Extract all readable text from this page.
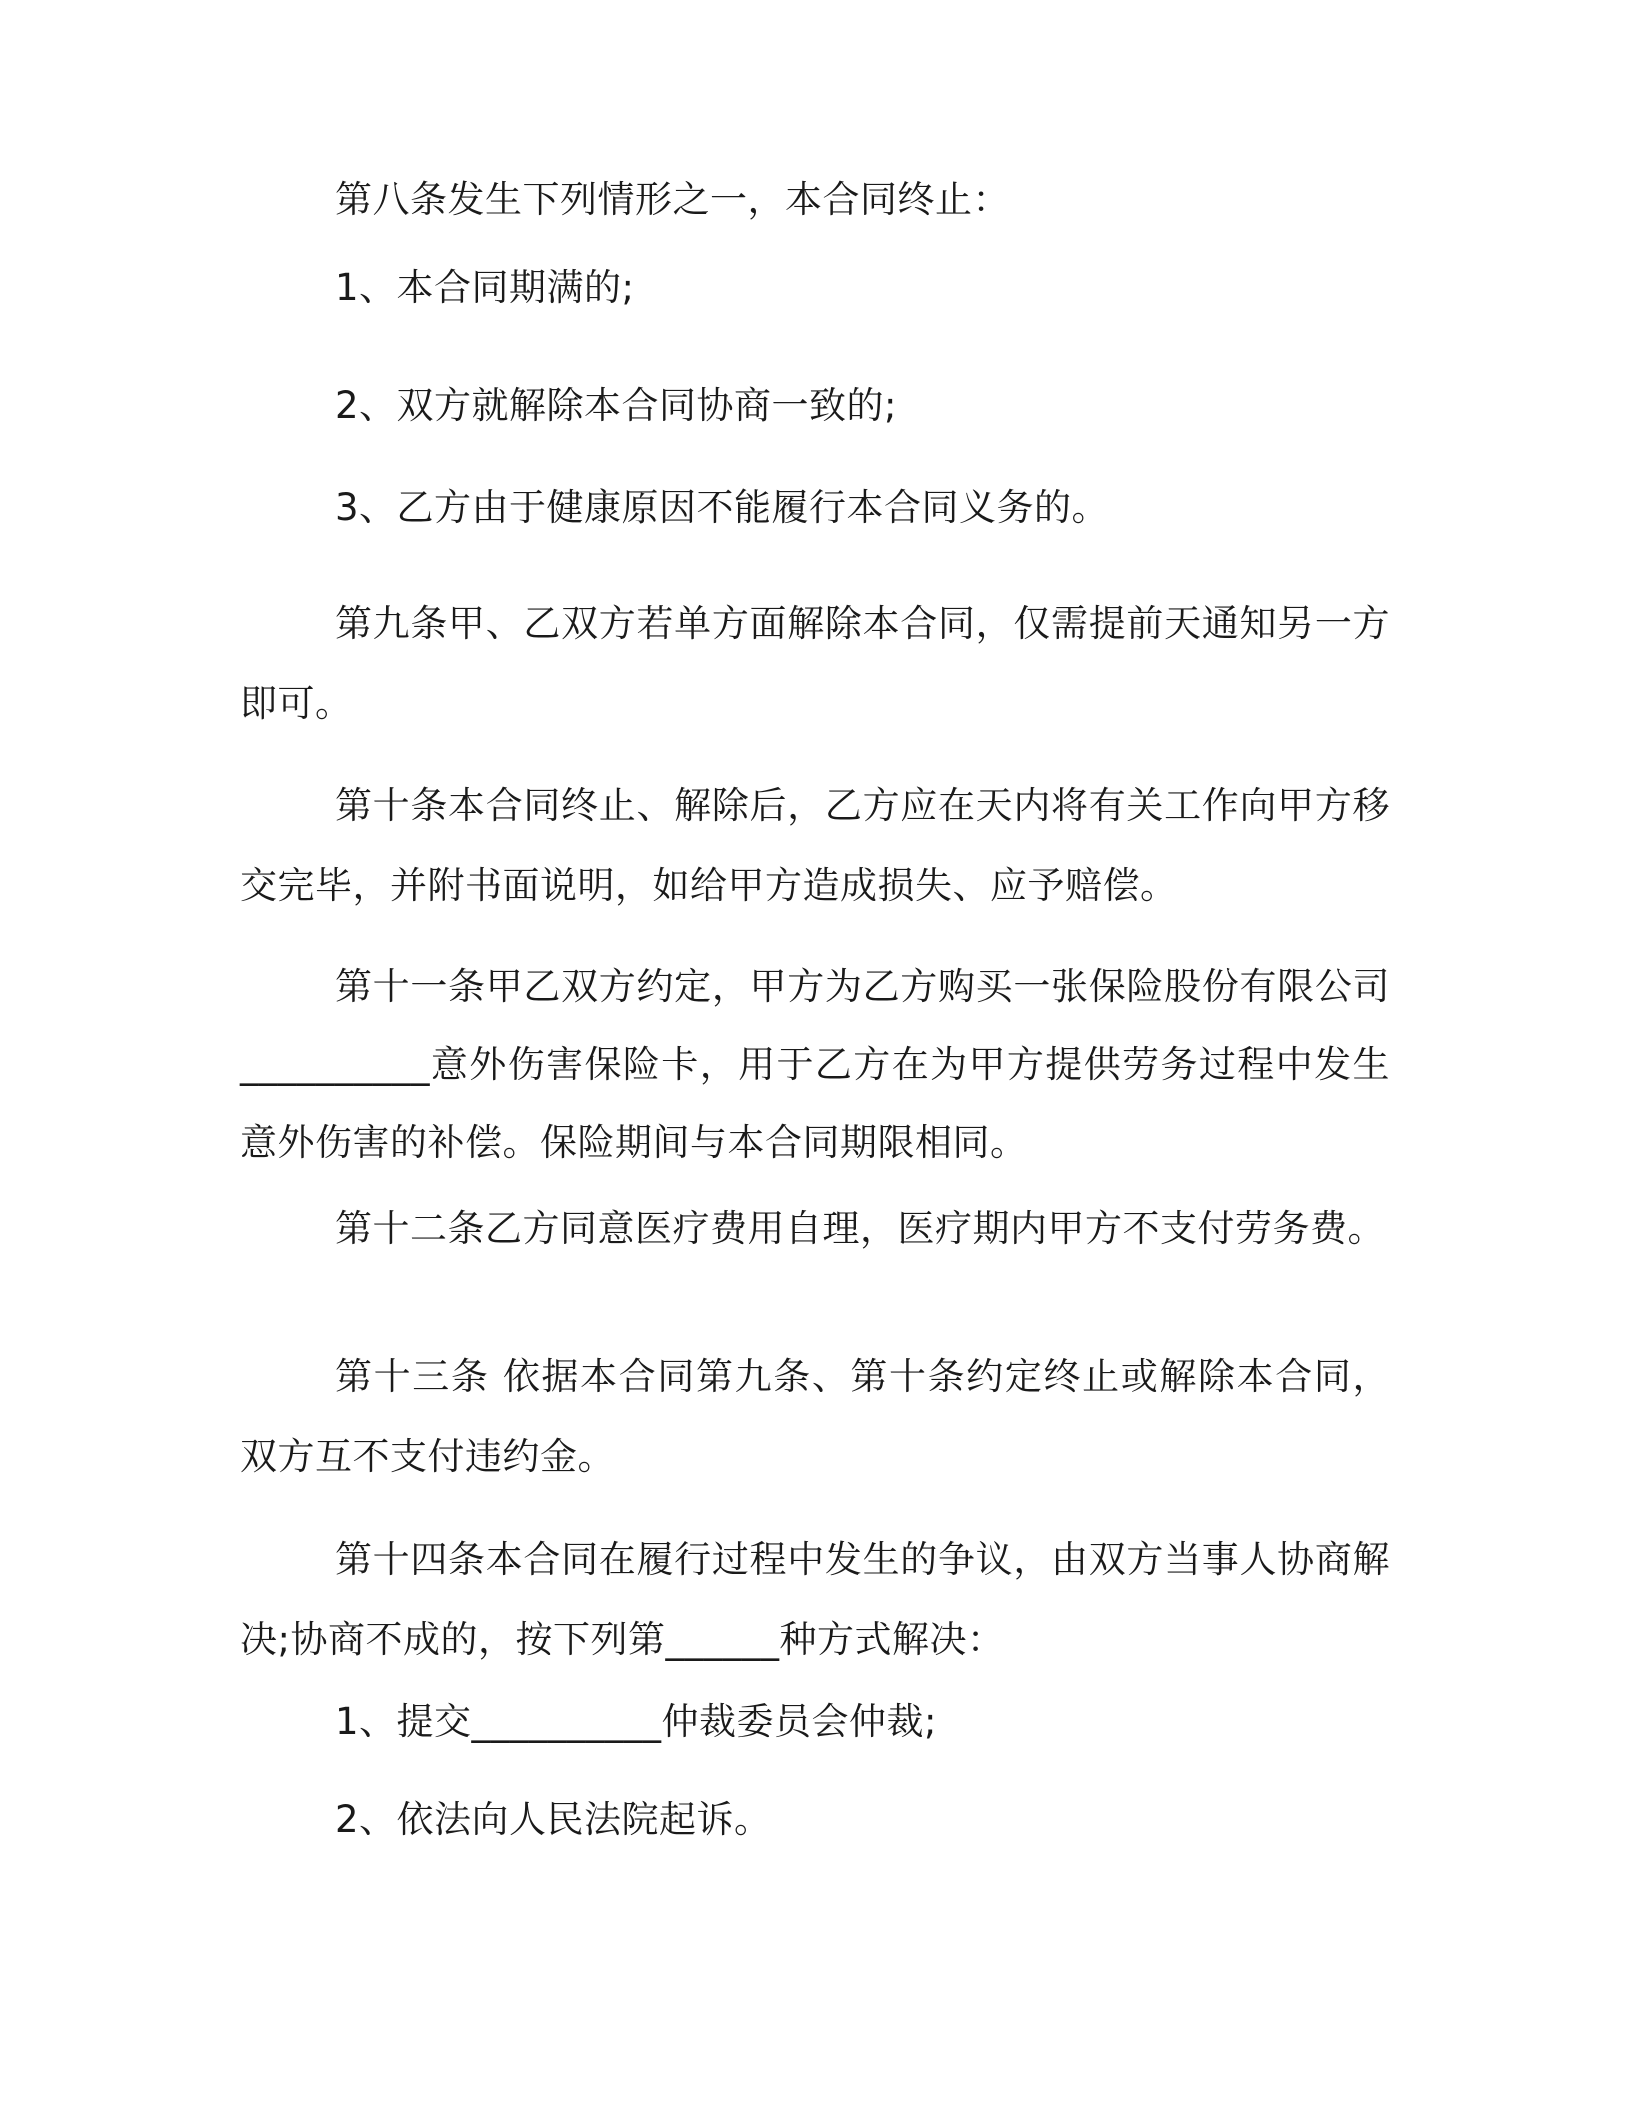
第八条发生下列情形之一，本合同终止：

1、本合同期满的;

2、双方就解除本合同协商一致的;

3、乙方由于健康原因不能履行本合同义务的。

第九条甲、乙双方若单方面解除本合同，仅需提前天通知另一方即可。

第十条本合同终止、解除后，乙方应在天内将有关工作向甲方移交完毕，并附书面说明，如给甲方造成损失、应予赔偿。

第十一条甲乙双方约定，甲方为乙方购买一张保险股份有限公司__________意外伤害保险卡，用于乙方在为甲方提供劳务过程中发生意外伤害的补偿。保险期间与本合同期限相同。

第十二条乙方同意医疗费用自理，医疗期内甲方不支付劳务费。

第十三条 依据本合同第九条、第十条约定终止或解除本合同，双方互不支付违约金。

第十四条本合同在履行过程中发生的争议，由双方当事人协商解决;协商不成的，按下列第______种方式解决：

1、提交__________仲裁委员会仲裁;

2、依法向人民法院起诉。
